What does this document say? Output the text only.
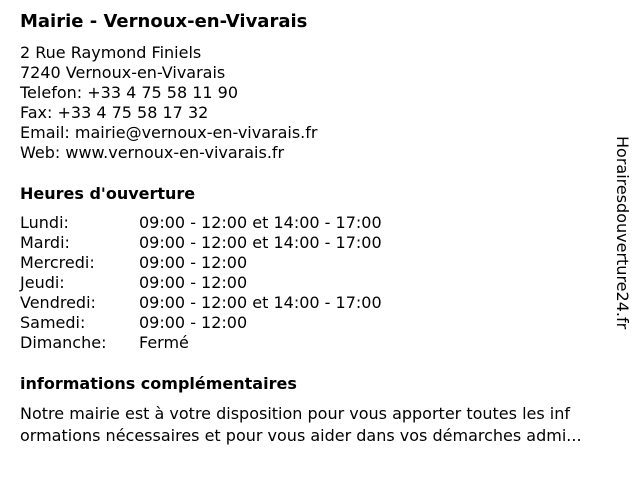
Mairie - Vernoux-en-Vivarais
2 Rue Raymond Finiels
7240 Vernoux-en-Vivarais
Telefon: +33 4 75 58 11 90
Fax: +33 4 75 58 17 32
Email: mairie@vernoux-en-vivarais.fr
Web: www.vernoux-en-vivarais.fr
Heures d'ouverture
Lundi:	09:00 - 12:00 et 14:00 - 17:00
Mardi:	09:00 - 12:00 et 14:00 - 17:00
Mercredi:	09:00 - 12:00
Jeudi:	09:00 - 12:00
Vendredi:	09:00 - 12:00 et 14:00 - 17:00
Samedi:	09:00 - 12:00
Dimanche: Fermé
informations complémentaires
Notre mairie est à votre disposition pour vous apporter toutes les inf
ormations nécessaires et pour vous aider dans vos démarches admi...
Horairesdouverture24.fr
